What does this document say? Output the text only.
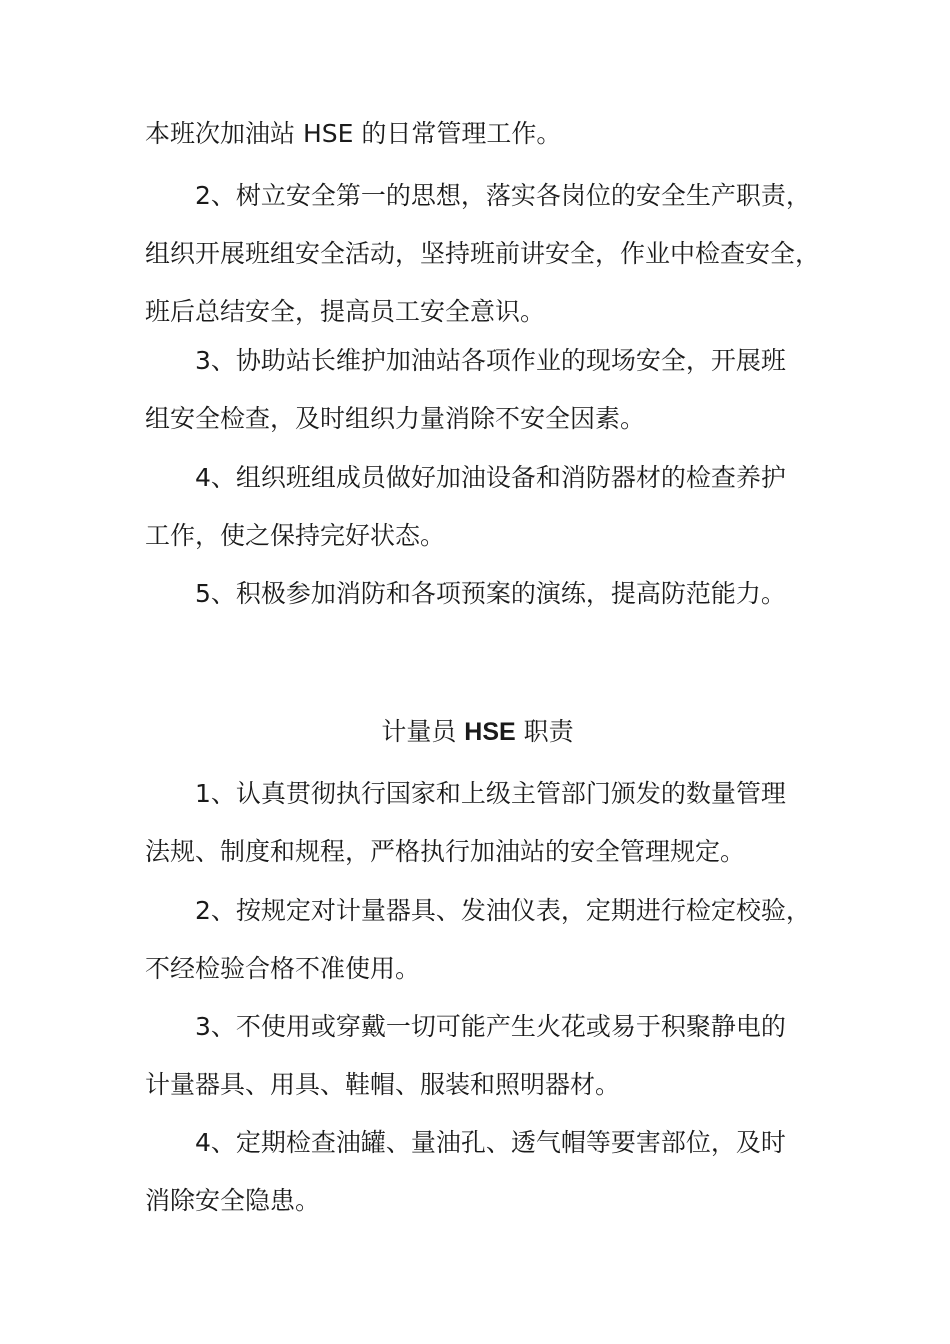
本班次加油站 HSE 的日常管理工作。
2、树立安全第一的思想，落实各岗位的安全生产职责，
组织开展班组安全活动，坚持班前讲安全，作业中检查安全，
班后总结安全，提高员工安全意识。
3、协助站长维护加油站各项作业的现场安全，开展班
组安全检查，及时组织力量消除不安全因素。
4、组织班组成员做好加油设备和消防器材的检查养护
工作，使之保持完好状态。
5、积极参加消防和各项预案的演练，提高防范能力。
计量员 HSE 职责
1、认真贯彻执行国家和上级主管部门颁发的数量管理
法规、制度和规程，严格执行加油站的安全管理规定。
2、按规定对计量器具、发油仪表，定期进行检定校验，
不经检验合格不准使用。
3、不使用或穿戴一切可能产生火花或易于积聚静电的
计量器具、用具、鞋帽、服装和照明器材。
4、定期检查油罐、量油孔、透气帽等要害部位，及时
消除安全隐患。
